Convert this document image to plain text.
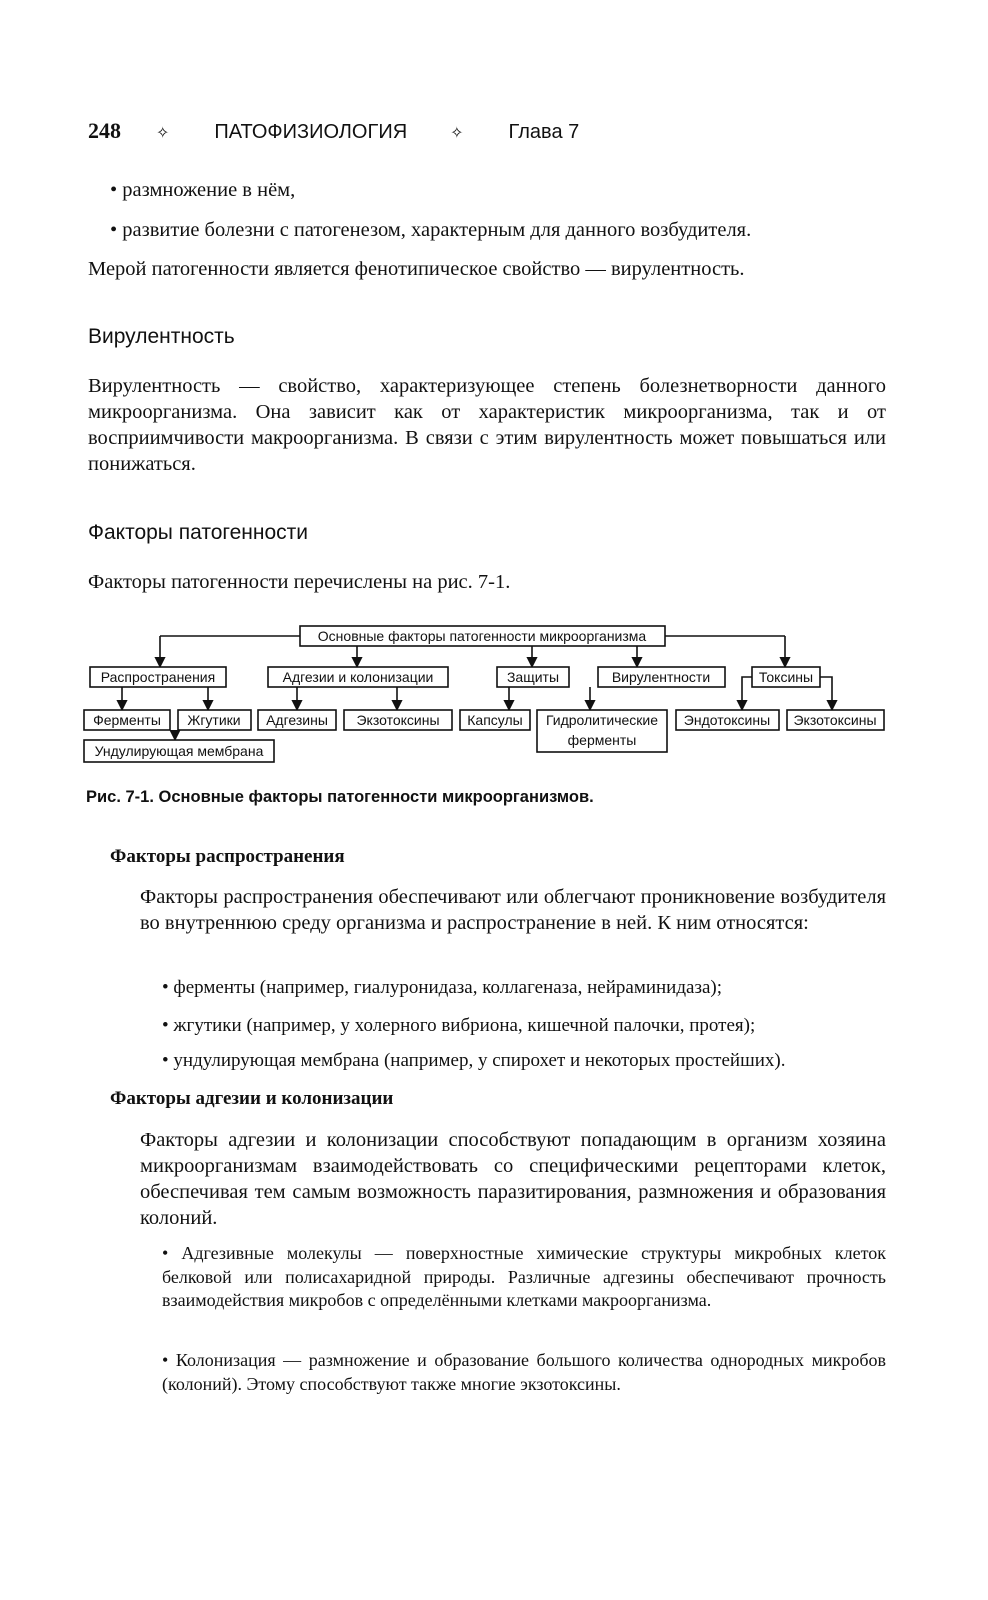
248 ✧ ПАТОФИЗИОЛОГИЯ	✧ Глава 7
• размножение в нём,
• развитие болезни с патогенезом, характерным для данного возбудителя.
Мерой патогенности является фенотипическое свойство — вирулентность.
Вирулентность
Вирулентность — свойство, характеризующее степень болезнетворности данного микроорганизма. Она зависит как от характеристик микроорганизма, так и от восприимчивости макроорганизма. В связи с этим вирулентность может повышаться или понижаться.
Факторы патогенности
Факторы патогенности перечислены на рис. 7-1.
Основные факторы патогенности микроорганизма
Распространения	Адгезии и колонизации	Защиты	Вирулентности	Токсины
Ферменты Жгутики Адгезины Экзотоксины Капсулы Гидролитические
ферменты
Эндотоксины Экзотоксины
Ундулирующая мембрана
Рис. 7-1. Основные факторы патогенности микроорганизмов.
Факторы распространения
Факторы распространения обеспечивают или облегчают проникновение возбудителя во внутреннюю среду организма и распространение в ней. К ним относятся:
• ферменты (например, гиалуронидаза, коллагеназа, нейраминидаза);
• жгутики (например, у холерного вибриона, кишечной палочки, протея);
• ундулирующая мембрана (например, у спирохет и некоторых простейших).
Факторы адгезии и колонизации
Факторы адгезии и колонизации способствуют попадающим в организм хозяина микроорганизмам взаимодействовать со специфическими рецепторами клеток, обеспечивая тем самым возможность паразитирования, размножения и образования колоний.
• Адгезивные молекулы — поверхностные химические структуры микробных клеток белковой или полисахаридной природы. Различные адгезины обеспечивают прочность взаимодействия микробов с определёнными клетками макроорганизма.
• Колонизация — размножение и образование большого количества однородных микробов (колоний). Этому способствуют также многие экзотоксины.
